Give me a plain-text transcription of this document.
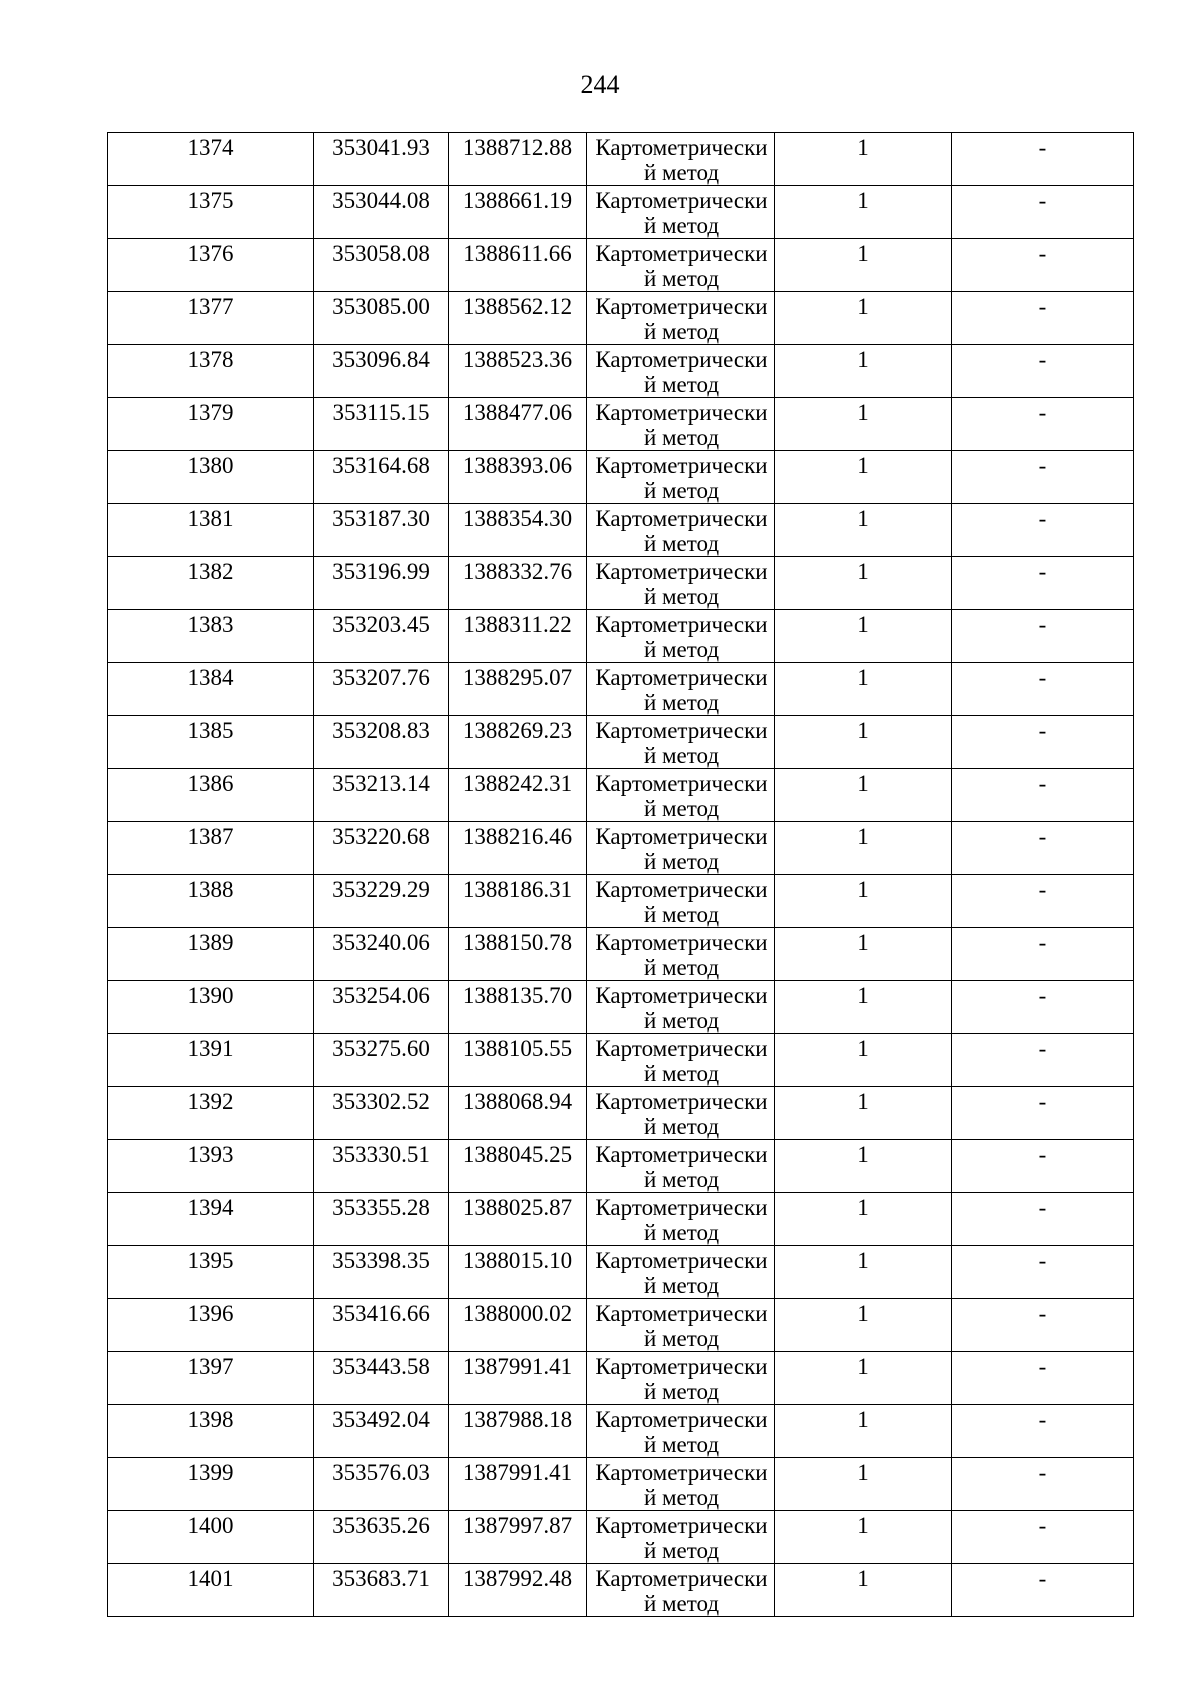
244
1374	353041.93	1388712.88	Картометрический метод	1	-

1375	353044.08	1388661.19	Картометрический метод	1	-

1376	353058.08	1388611.66	Картометрический метод	1	-

1377	353085.00	1388562.12	Картометрический метод	1	-

1378	353096.84	1388523.36	Картометрический метод	1	-

1379	353115.15	1388477.06	Картометрический метод	1	-

1380	353164.68	1388393.06	Картометрический метод	1	-

1381	353187.30	1388354.30	Картометрический метод	1	-

1382	353196.99	1388332.76	Картометрический метод	1	-

1383	353203.45	1388311.22	Картометрический метод	1	-

1384	353207.76	1388295.07	Картометрический метод	1	-

1385	353208.83	1388269.23	Картометрический метод	1	-

1386	353213.14	1388242.31	Картометрический метод	1	-

1387	353220.68	1388216.46	Картометрический метод	1	-

1388	353229.29	1388186.31	Картометрический метод	1	-

1389	353240.06	1388150.78	Картометрический метод	1	-

1390	353254.06	1388135.70	Картометрический метод	1	-

1391	353275.60	1388105.55	Картометрический метод	1	-

1392	353302.52	1388068.94	Картометрический метод	1	-

1393	353330.51	1388045.25	Картометрический метод	1	-

1394	353355.28	1388025.87	Картометрический метод	1	-

1395	353398.35	1388015.10	Картометрический метод	1	-

1396	353416.66	1388000.02	Картометрический метод	1	-

1397	353443.58	1387991.41	Картометрический метод	1	-

1398	353492.04	1387988.18	Картометрический метод	1	-

1399	353576.03	1387991.41	Картометрический метод	1	-

1400	353635.26	1387997.87	Картометрический метод	1	-

1401	353683.71	1387992.48	Картометрический метод	1	-
